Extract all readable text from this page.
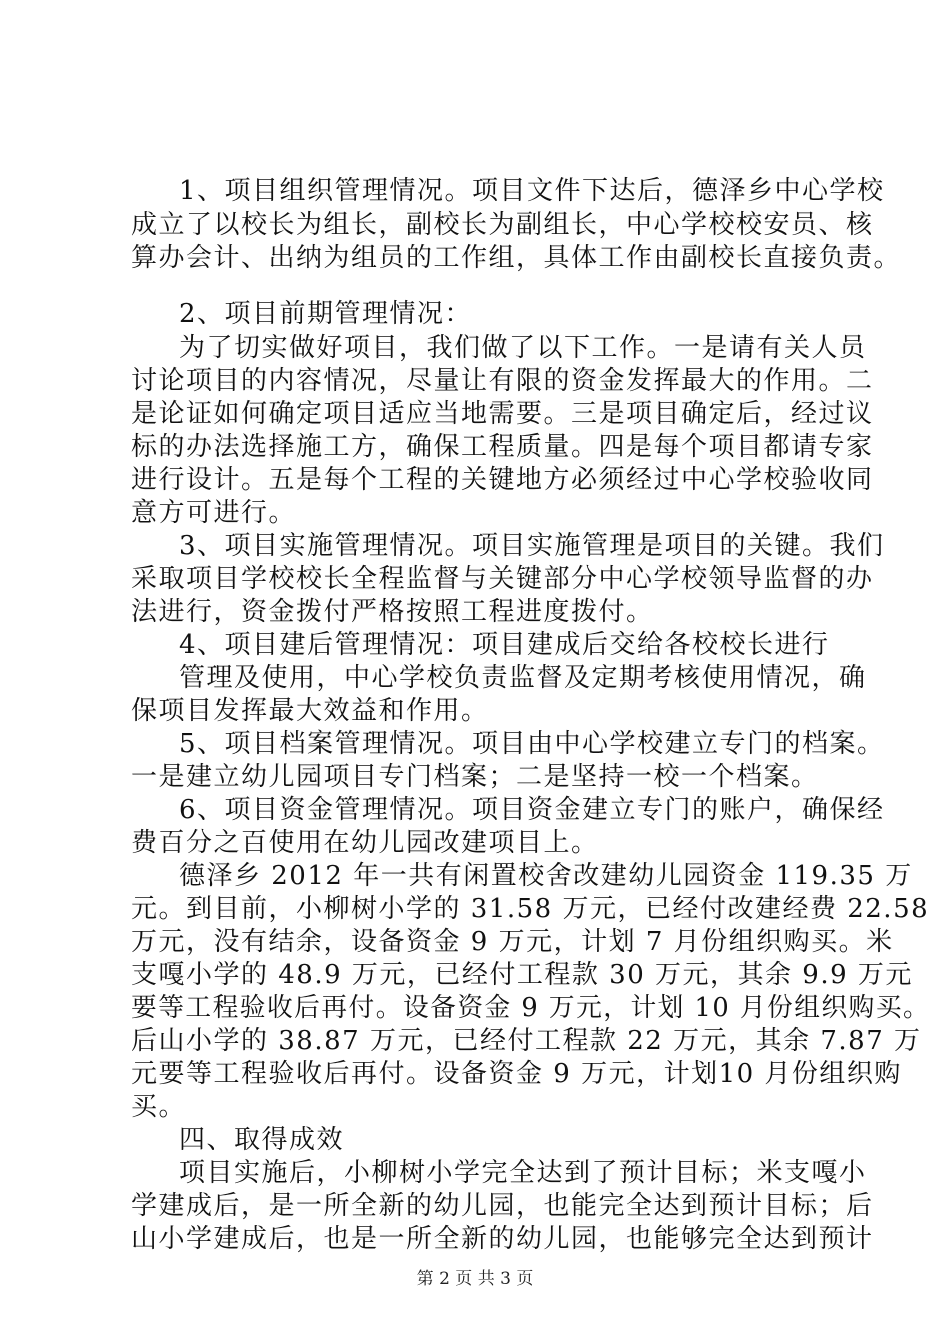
1、项目组织管理情况。项目文件下达后，德泽乡中心学校
成立了以校长为组长，副校长为副组长，中心学校校安员、核
算办会计、出纳为组员的工作组，具体工作由副校长直接负责。
2、项目前期管理情况：
为了切实做好项目，我们做了以下工作。一是请有关人员
讨论项目的内容情况，尽量让有限的资金发挥最大的作用。二
是论证如何确定项目适应当地需要。三是项目确定后，经过议
标的办法选择施工方，确保工程质量。四是每个项目都请专家
进行设计。五是每个工程的关键地方必须经过中心学校验收同
意方可进行。
3、项目实施管理情况。项目实施管理是项目的关键。我们
采取项目学校校长全程监督与关键部分中心学校领导监督的办
法进行，资金拨付严格按照工程进度拨付。
4、项目建后管理情况：项目建成后交给各校校长进行
管理及使用，中心学校负责监督及定期考核使用情况，确
保项目发挥最大效益和作用。
5、项目档案管理情况。项目由中心学校建立专门的档案。
一是建立幼儿园项目专门档案；二是坚持一校一个档案。
6、项目资金管理情况。项目资金建立专门的账户，确保经
费百分之百使用在幼儿园改建项目上。
德泽乡 2012 年一共有闲置校舍改建幼儿园资金 119.35 万
元。到目前，小柳树小学的 31.58 万元，已经付改建经费 22.58
万元，没有结余，设备资金 9 万元，计划 7 月份组织购买。米
支嘎小学的 48.9 万元，已经付工程款 30 万元，其余 9.9 万元
要等工程验收后再付。设备资金 9 万元，计划 10 月份组织购买。
后山小学的 38.87 万元，已经付工程款 22 万元，其余 7.87 万
元要等工程验收后再付。设备资金 9 万元，计划10 月份组织购
买。
四、取得成效
项目实施后，小柳树小学完全达到了预计目标；米支嘎小
学建成后，是一所全新的幼儿园，也能完全达到预计目标；后
山小学建成后，也是一所全新的幼儿园，也能够完全达到预计
第 2 页 共 3 页
